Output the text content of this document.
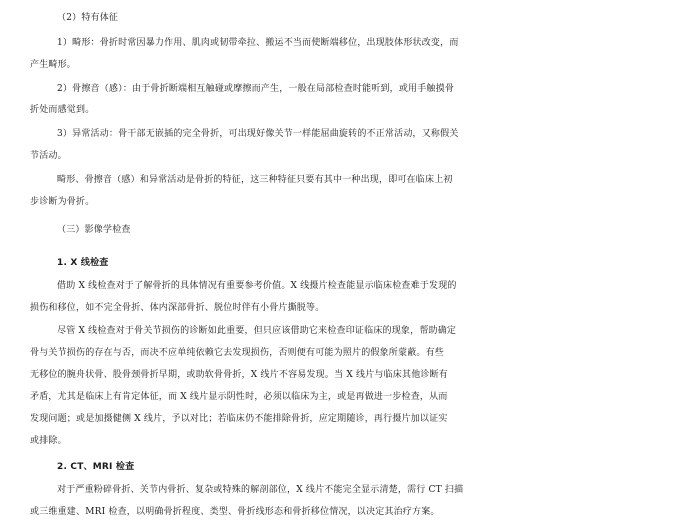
（2）特有体征
1）畸形：骨折时常因暴力作用、肌肉或韧带牵拉、搬运不当而使断端移位，出现肢体形状改变，而
产生畸形。
2）骨擦音（感）：由于骨折断端相互触碰或摩擦而产生，一般在局部检查时能听到，或用手触摸骨
折处而感觉到。
3）异常活动：骨干部无嵌插的完全骨折，可出现好像关节一样能屈曲旋转的不正常活动，又称假关
节活动。
畸形、骨擦音（感）和异常活动是骨折的特征，这三种特征只要有其中一种出现，即可在临床上初
步诊断为骨折。
（三）影像学检查
1. X 线检查
借助 X 线检查对于了解骨折的具体情况有重要参考价值。X 线摄片检查能显示临床检查难于发现的
损伤和移位，如不完全骨折、体内深部骨折、脱位时伴有小骨片撕脱等。
尽管 X 线检查对于骨关节损伤的诊断如此重要，但只应该借助它来检查印证临床的现象，帮助确定
骨与关节损伤的存在与否，而决不应单纯依赖它去发现损伤，否则便有可能为照片的假象所蒙蔽。有些
无移位的腕舟状骨、股骨颈骨折早期，或助软骨骨折，X 线片不容易发现。当 X 线片与临床其他诊断有
矛盾，尤其是临床上有肯定体征，而 X 线片显示阴性时，必须以临床为主，或是再做进一步检查，从而
发现问题；或是加摄健侧 X 线片，予以对比；若临床仍不能排除骨折，应定期随诊，再行摄片加以证实
或排除。
2. CT、MRI 检查
对于严重粉碎骨折、关节内骨折、复杂或特殊的解剖部位，X 线片不能完全显示清楚，需行 CT 扫描
或三维重建、MRI 检查，以明确骨折程度、类型、骨折线形态和骨折移位情况，以决定其治疗方案。
